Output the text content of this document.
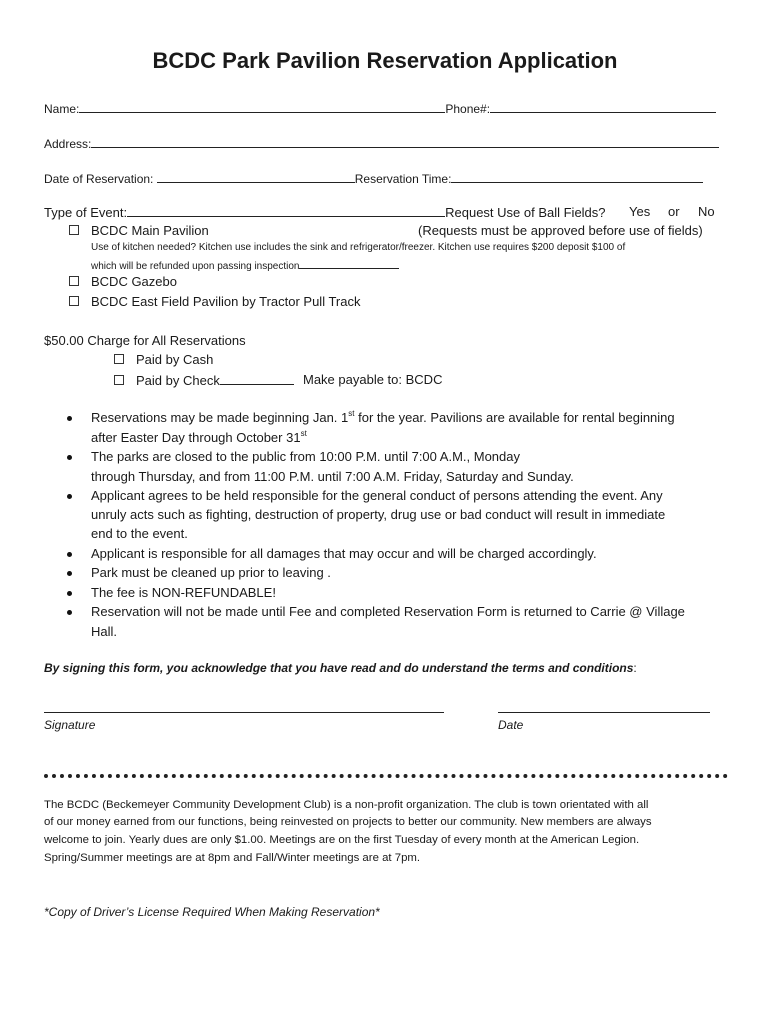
BCDC Park Pavilion Reservation Application
Name:	Phone#:
Address:
Date of Reservation:	Reservation Time:
Type of Event:	Request Use of Ball Fields? Yes or No
BCDC Main Pavilion	(Requests must be approved before use of fields)
Use of kitchen needed? Kitchen use includes the sink and refrigerator/freezer. Kitchen use requires $200 deposit $100 of
which will be refunded upon passing inspection
BCDC Gazebo
BCDC East Field Pavilion by Tractor Pull Track
$50.00 Charge for All Reservations
Paid by Cash
Paid by Check	Make payable to: BCDC
Reservations may be made beginning Jan. 1st for the year. Pavilions are available for rental beginning
after Easter Day through October 31st
The parks are closed to the public from 10:00 P.M. until 7:00 A.M., Monday
through Thursday, and from 11:00 P.M. until 7:00 A.M. Friday, Saturday and Sunday.
Applicant agrees to be held responsible for the general conduct of persons attending the event. Any
unruly acts such as fighting, destruction of property, drug use or bad conduct will result in immediate
end to the event.
Applicant is responsible for all damages that may occur and will be charged accordingly.
Park must be cleaned up prior to leaving .
The fee is NON-REFUNDABLE!
Reservation will not be made until Fee and completed Reservation Form is returned to Carrie @ Village
Hall.
By signing this form, you acknowledge that you have read and do understand the terms and conditions:
Signature	Date
The BCDC (Beckemeyer Community Development Club) is a non-profit organization. The club is town orientated with all
of our money earned from our functions, being reinvested on projects to better our community. New members are always
welcome to join. Yearly dues are only $1.00. Meetings are on the first Tuesday of every month at the American Legion.
Spring/Summer meetings are at 8pm and Fall/Winter meetings are at 7pm.
*Copy of Driver’s License Required When Making Reservation*
